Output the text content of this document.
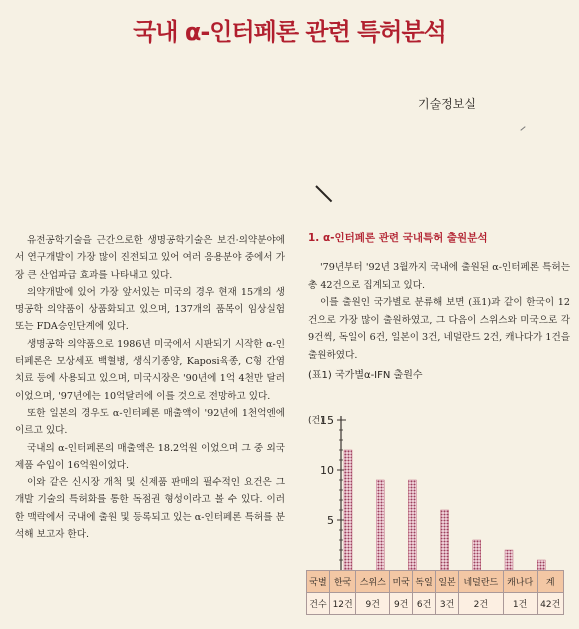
국내 α-인터페론 관련 특허분석
기술정보실

유전공학기술을 근간으로한 생명공학기술은 보건·의약분야에서 연구개발이 가장 많이 진전되고 있어 여러 응용분야 중에서 가장 큰 산업파급 효과를 나타내고 있다.

의약개발에 있어 가장 앞서있는 미국의 경우 현재 15개의 생명공학 의약품이 상품화되고 있으며, 137개의 품목이 임상실험 또는 FDA승인단계에 있다.

생명공학 의약품으로 1986년 미국에서 시판되기 시작한 α-인터페론은 모상세포 백혈병, 생식기종양, Kaposi육종, C형 간염치료 등에 사용되고 있으며, 미국시장은 '90년에 1억 4천만 달러 이었으며, '97년에는 10억달러에 이를 것으로 전망하고 있다.

또한 일본의 경우도 α-인터페론 매출액이 '92년에 1천억엔에 이르고 있다.

국내의 α-인터페론의 매출액은 18.2억원 이었으며 그 중 외국제품 수입이 16억원이었다.

이와 같은 신시장 개척 및 신제품 판매의 필수적인 요건은 그 개발 기술의 특허화를 통한 독점권 형성이라고 볼 수 있다. 이러한 맥락에서 국내에 출원 및 등록되고 있는 α-인터페론 특허를 분석해 보고자 한다.

1. α-인터페론 관련 국내특허 출원분석

'79년부터 '92년 3월까지 국내에 출원된 α-인터페론 특허는 총 42건으로 집계되고 있다.

이를 출원인 국가별로 분류해 보면 (표1)과 같이 한국이 12건으로 가장 많이 출원하였고, 그 다음이 스위스와 미국으로 각 9건씩, 독일이 6건, 일본이 3건, 네덜란드 2건, 캐나다가 1건을 출원하였다.

(표1) 국가별α-IFN 출원수
(건)
5
10
15
국별	한국	스위스	미국	독일	일본	네덜란드	캐나다	계
건수	12건	9건	9건	6건	3건	2건	1건	42건
